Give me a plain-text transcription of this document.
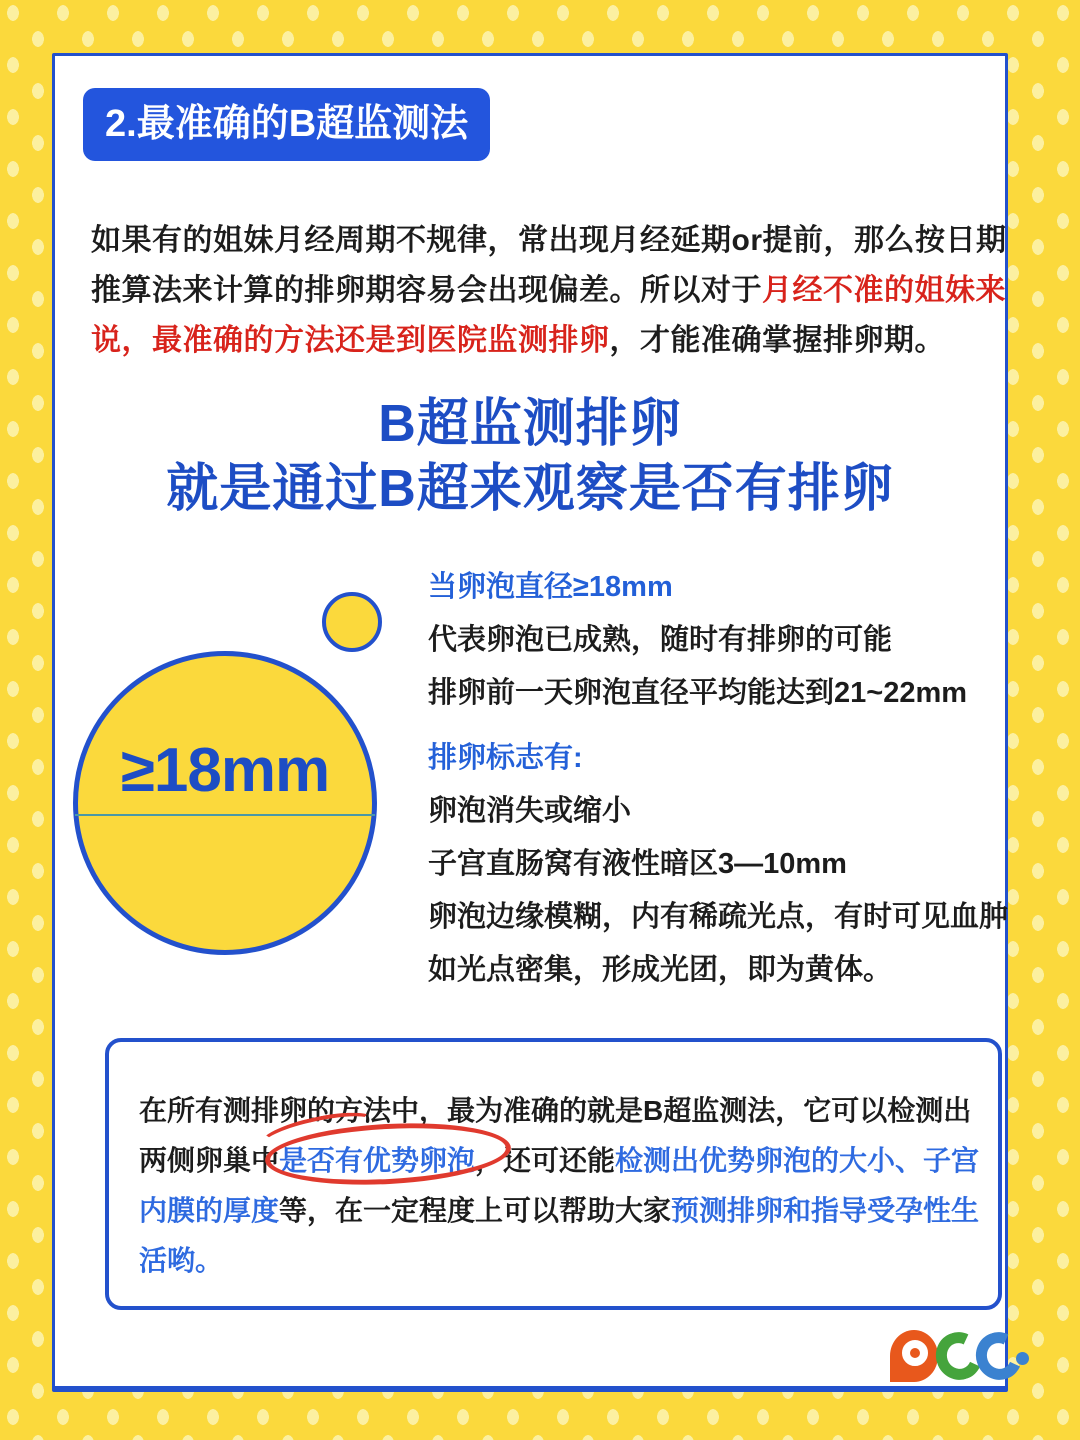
2.最准确的B超监测法
如果有的姐妹月经周期不规律，常出现月经延期or提前，那么按日期
推算法来计算的排卵期容易会出现偏差。所以对于月经不准的姐妹来
说，最准确的方法还是到医院监测排卵，才能准确掌握排卵期。
B超监测排卵
就是通过B超来观察是否有排卵
≥18mm
当卵泡直径≥18mm
代表卵泡已成熟，随时有排卵的可能
排卵前一天卵泡直径平均能达到21~22mm
排卵标志有:
卵泡消失或缩小
子宫直肠窝有液性暗区3—10mm
卵泡边缘模糊，内有稀疏光点，有时可见血肿
如光点密集，形成光团，即为黄体。
在所有测排卵的方法中，最为准确的就是B超监测法，它可以检测出
两侧卵巢中是否有优势卵泡，还可还能检测出优势卵泡的大小、子宫
内膜的厚度等，在一定程度上可以帮助大家预测排卵和指导受孕性生
活哟。
